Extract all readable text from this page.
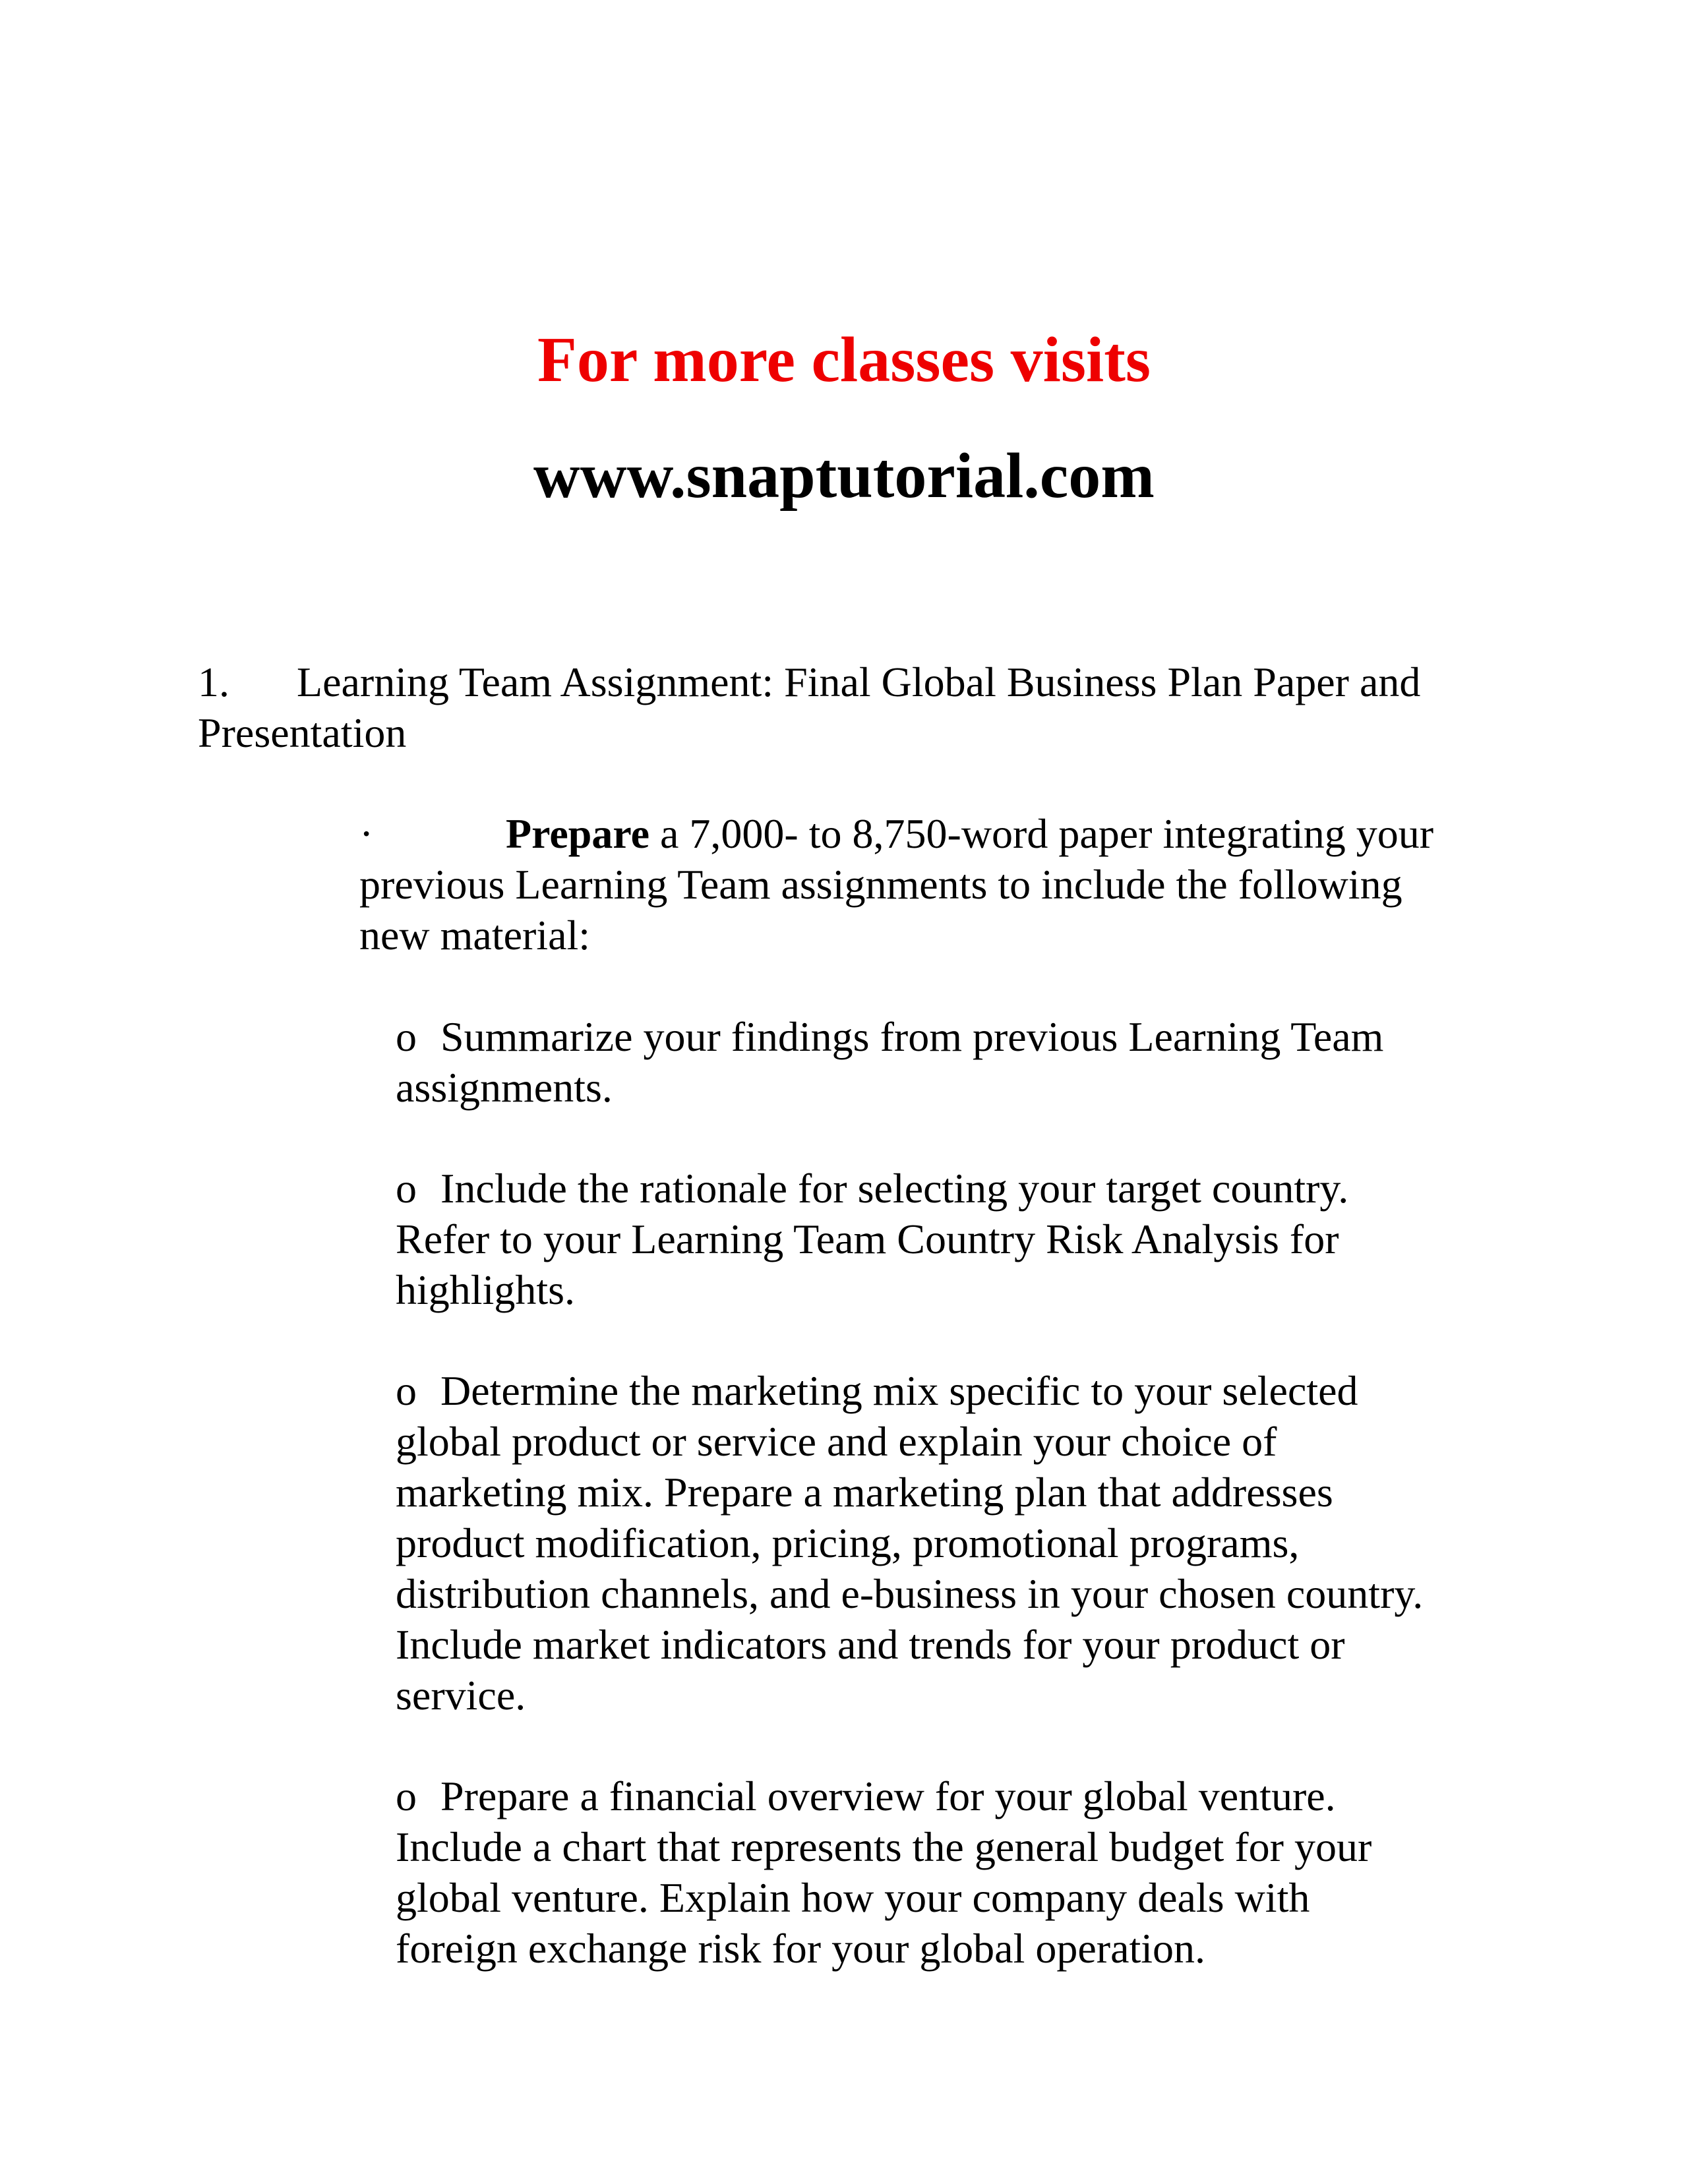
For more classes visits
www.snaptutorial.com
1. Learning Team Assignment: Final Global Business Plan Paper and
Presentation
·	Prepare a 7,000- to 8,750-word paper integrating your
previous Learning Team assignments to include the following
new material:
o Summarize your findings from previous Learning Team
assignments.
o Include the rationale for selecting your target country.
Refer to your Learning Team Country Risk Analysis for
highlights.
o Determine the marketing mix specific to your selected
global product or service and explain your choice of
marketing mix. Prepare a marketing plan that addresses
product modification, pricing, promotional programs,
distribution channels, and e-business in your chosen country.
Include market indicators and trends for your product or
service.
o Prepare a financial overview for your global venture.
Include a chart that represents the general budget for your
global venture. Explain how your company deals with
foreign exchange risk for your global operation.
